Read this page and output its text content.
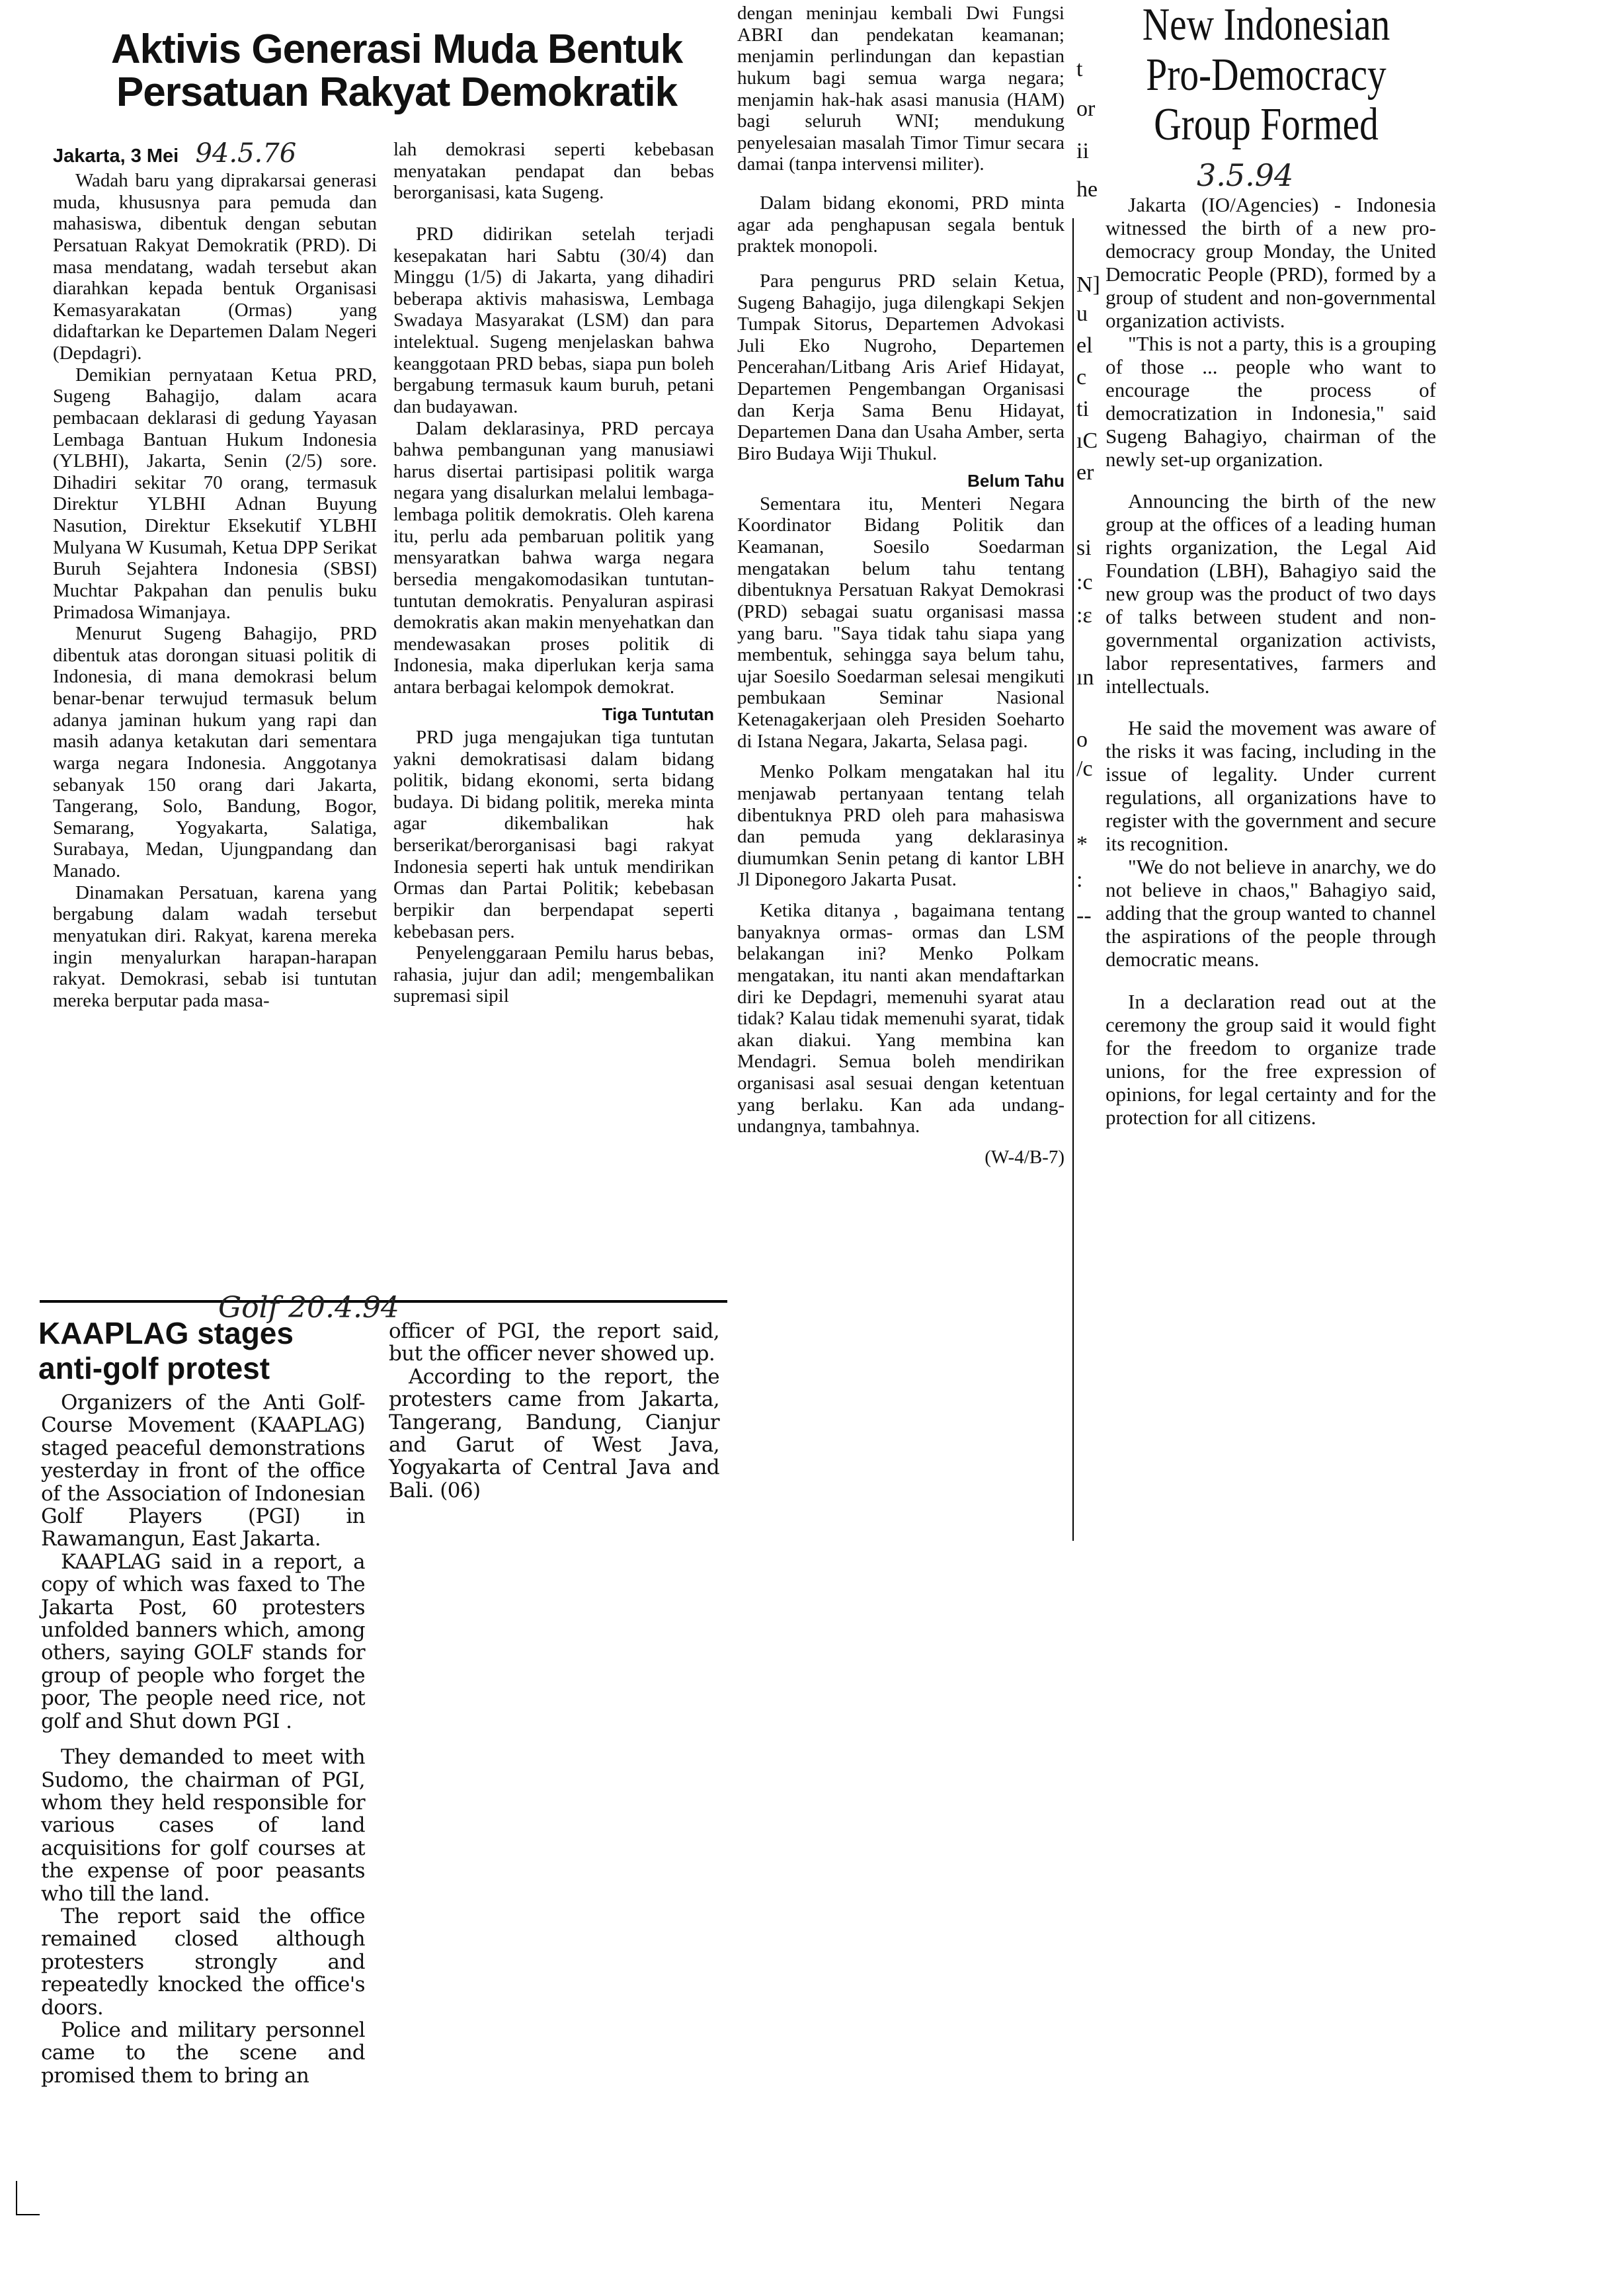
Aktivis Generasi Muda Bentuk
Persatuan Rakyat Demokratik
Jakarta, 3 Mei 94.5.76

Wadah baru yang diprakarsai generasi muda, khususnya para pemuda dan mahasiswa, dibentuk dengan sebutan Persatuan Rakyat Demokratik (PRD). Di masa mendatang, wadah tersebut akan diarahkan kepada bentuk Organisasi Kemasyarakatan (Ormas) yang didaftarkan ke Departemen Dalam Negeri (Depdagri).

Demikian pernyataan Ketua PRD, Sugeng Bahagijo, dalam acara pembacaan deklarasi di gedung Yayasan Lembaga Bantuan Hukum Indonesia (YLBHI), Jakarta, Senin (2/5) sore. Dihadiri sekitar 70 orang, termasuk Direktur YLBHI Adnan Buyung Nasution, Direktur Eksekutif YLBHI Mulyana W Kusumah, Ketua DPP Serikat Buruh Sejahtera Indonesia (SBSI) Muchtar Pakpahan dan penulis buku Primadosa Wimanjaya.

Menurut Sugeng Bahagijo, PRD dibentuk atas dorongan situasi politik di Indonesia, di mana demokrasi belum benar-benar terwujud termasuk belum adanya jaminan hukum yang rapi dan masih adanya ketakutan dari sementara warga negara Indonesia. Anggotanya sebanyak 150 orang dari Jakarta, Tangerang, Solo, Bandung, Bogor, Semarang, Yogyakarta, Salatiga, Surabaya, Medan, Ujungpandang dan Manado.

Dinamakan Persatuan, karena yang bergabung dalam wadah tersebut menyatukan diri. Rakyat, karena mereka ingin menyalurkan harapan-harapan rakyat. Demokrasi, sebab isi tuntutan mereka berputar pada masa-

lah demokrasi seperti kebebasan menyatakan pendapat dan bebas berorganisasi, kata Sugeng.

PRD didirikan setelah terjadi kesepakatan hari Sabtu (30/4) dan Minggu (1/5) di Jakarta, yang dihadiri beberapa aktivis mahasiswa, Lembaga Swadaya Masyarakat (LSM) dan para intelektual. Sugeng menjelaskan bahwa keanggotaan PRD bebas, siapa pun boleh bergabung termasuk kaum buruh, petani dan budayawan.

Dalam deklarasinya, PRD percaya bahwa pembangunan yang manusiawi harus disertai partisipasi politik warga negara yang disalurkan melalui lembaga-lembaga politik demokratis. Oleh karena itu, perlu ada pembaruan politik yang mensyaratkan bahwa warga negara bersedia mengakomodasikan tuntutan-tuntutan demokratis. Penyaluran aspirasi demokratis akan makin menyehatkan dan mendewasakan proses politik di Indonesia, maka diperlukan kerja sama antara berbagai kelompok demokrat.

Tiga Tuntutan

PRD juga mengajukan tiga tuntutan yakni demokratisasi dalam bidang politik, bidang ekonomi, serta bidang budaya. Di bidang politik, mereka minta agar dikembalikan hak berserikat/berorganisasi bagi rakyat Indonesia seperti hak untuk mendirikan Ormas dan Partai Politik; kebebasan berpikir dan berpendapat seperti kebebasan pers.

Penyelenggaraan Pemilu harus bebas, rahasia, jujur dan adil; mengembalikan supremasi sipil

dengan meninjau kembali Dwi Fungsi ABRI dan pendekatan keamanan; menjamin perlindungan dan kepastian hukum bagi semua warga negara; menjamin hak-hak asasi manusia (HAM) bagi seluruh WNI; mendukung penyelesaian masalah Timor Timur secara damai (tanpa intervensi militer).

Dalam bidang ekonomi, PRD minta agar ada penghapusan segala bentuk praktek monopoli.

Para pengurus PRD selain Ketua, Sugeng Bahagijo, juga dilengkapi Sekjen Tumpak Sitorus, Departemen Advokasi Juli Eko Nugroho, Departemen Pencerahan/Litbang Aris Arief Hidayat, Departemen Pengembangan Organisasi dan Kerja Sama Benu Hidayat, Departemen Dana dan Usaha Amber, serta Biro Budaya Wiji Thukul.

Belum Tahu

Sementara itu, Menteri Negara Koordinator Bidang Politik dan Keamanan, Soesilo Soedarman mengatakan belum tahu tentang dibentuknya Persatuan Rakyat Demokrasi (PRD) sebagai suatu organisasi massa yang baru. "Saya tidak tahu siapa yang membentuk, sehingga saya belum tahu, ujar Soesilo Soedarman selesai mengikuti pembukaan Seminar Nasional Ketenagakerjaan oleh Presiden Soeharto di Istana Negara, Jakarta, Selasa pagi.

Menko Polkam mengatakan hal itu menjawab pertanyaan tentang telah dibentuknya PRD oleh para mahasiswa dan pemuda yang deklarasinya diumumkan Senin petang di kantor LBH Jl Diponegoro Jakarta Pusat.

Ketika ditanya , bagaimana tentang banyaknya ormas- ormas dan LSM belakangan ini? Menko Polkam mengatakan, itu nanti akan mendaftarkan diri ke Depdagri, memenuhi syarat atau tidak? Kalau tidak memenuhi syarat, tidak akan diakui. Yang membina kan Mendagri. Semua boleh mendirikan organisasi asal sesuai dengan ketentuan yang berlaku. Kan ada undang-undangnya, tambahnya.

(W-4/B-7)
t
or
ii
he
N]
u
el
c
ti
ıC
er
si
:c
:ε
ın
o
/c
*
:
--
New Indonesian
Pro-Democracy
Group Formed
3.5.94

Jakarta (IO/Agencies) - Indonesia witnessed the birth of a new pro-democracy group Monday, the United Democratic People (PRD), formed by a group of student and non-governmental organization activists.

"This is not a party, this is a grouping of those ... people who want to encourage the process of democratization in Indonesia," said Sugeng Bahagiyo, chairman of the newly set-up organization.

Announcing the birth of the new group at the offices of a leading human rights organization, the Legal Aid Foundation (LBH), Bahagiyo said the new group was the product of two days of talks between student and non-governmental organization activists, labor representatives, farmers and intellectuals.

He said the movement was aware of the risks it was facing, including in the issue of legality. Under current regulations, all organizations have to register with the government and secure its recognition.

"We do not believe in anarchy, we do not believe in chaos," Bahagiyo said, adding that the group wanted to channel the aspirations of the people through democratic means.

In a declaration read out at the ceremony the group said it would fight for the freedom to organize trade unions, for the free expression of opinions, for legal certainty and for the protection for all citizens.

KAAPLAG stages
anti-golf protest
Golf 20.4.94

Organizers of the Anti Golf-Course Movement (KAAPLAG) staged peaceful demonstrations yesterday in front of the office of the Association of Indonesian Golf Players (PGI) in Rawamangun, East Jakarta.

KAAPLAG said in a report, a copy of which was faxed to The Jakarta Post, 60 protesters unfolded banners which, among others, saying GOLF stands for group of people who forget the poor, The people need rice, not golf and Shut down PGI .

They demanded to meet with Sudomo, the chairman of PGI, whom they held responsible for various cases of land acquisitions for golf courses at the expense of poor peasants who till the land.

The report said the office remained closed although protesters strongly and repeatedly knocked the office's doors.

Police and military personnel came to the scene and promised them to bring an

officer of PGI, the report said, but the officer never showed up.

According to the report, the protesters came from Jakarta, Tangerang, Bandung, Cianjur and Garut of West Java, Yogyakarta of Central Java and Bali. (06)
